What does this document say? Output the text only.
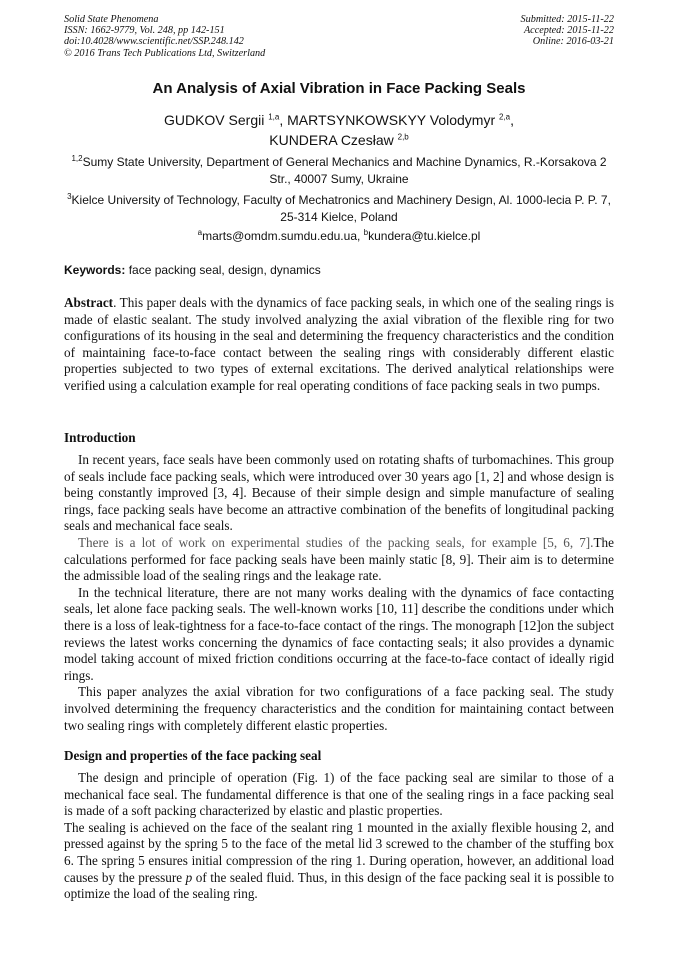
Solid State Phenomena
ISSN: 1662-9779, Vol. 248, pp 142-151
doi:10.4028/www.scientific.net/SSP.248.142
© 2016 Trans Tech Publications Ltd, Switzerland
Submitted: 2015-11-22
Accepted: 2015-11-22
Online: 2016-03-21
An Analysis of Axial Vibration in Face Packing Seals
GUDKOV Sergii $^{1,a}$, MARTSYNKOWSKYY Volodymyr $^{2,a}$,
KUNDERA Czesław $^{2,b}$
$^{1,2}$Sumy State University, Department of General Mechanics and Machine Dynamics, R.-Korsakova 2 Str., 40007 Sumy, Ukraine
$^3$Kielce University of Technology, Faculty of Mechatronics and Machinery Design, Al. 1000-lecia P. P. 7, 25-314 Kielce, Poland
$^a$marts@omdm.sumdu.edu.ua, $^b$kundera@tu.kielce.pl
Keywords: face packing seal, design, dynamics

Abstract. This paper deals with the dynamics of face packing seals, in which one of the sealing rings is made of elastic sealant. The study involved analyzing the axial vibration of the flexible ring for two configurations of its housing in the seal and determining the frequency characteristics and the condition of maintaining face-to-face contact between the sealing rings with considerably different elastic properties subjected to two types of external excitations. The derived analytical relationships were verified using a calculation example for real operating conditions of face packing seals in two pumps.

Introduction

In recent years, face seals have been commonly used on rotating shafts of turbomachines. This group of seals include face packing seals, which were introduced over 30 years ago [1, 2] and whose design is being constantly improved [3, 4]. Because of their simple design and simple manufacture of sealing rings, face packing seals have become an attractive combination of the benefits of longitudinal packing seals and mechanical face seals.

There is a lot of work on experimental studies of the packing seals, for example [5, 6, 7].The calculations performed for face packing seals have been mainly static [8, 9]. Their aim is to determine the admissible load of the sealing rings and the leakage rate.

In the technical literature, there are not many works dealing with the dynamics of face contacting seals, let alone face packing seals. The well-known works [10, 11] describe the conditions under which there is a loss of leak-tightness for a face-to-face contact of the rings. The monograph [12]on the subject reviews the latest works concerning the dynamics of face contacting seals; it also provides a dynamic model taking account of mixed friction conditions occurring at the face-to-face contact of ideally rigid rings.

This paper analyzes the axial vibration for two configurations of a face packing seal. The study involved determining the frequency characteristics and the condition for maintaining contact between two sealing rings with completely different elastic properties.

Design and properties of the face packing seal

The design and principle of operation (Fig. 1) of the face packing seal are similar to those of a mechanical face seal. The fundamental difference is that one of the sealing rings in a face packing seal is made of a soft packing characterized by elastic and plastic properties.

The sealing is achieved on the face of the sealant ring 1 mounted in the axially flexible housing 2, and pressed against by the spring 5 to the face of the metal lid 3 screwed to the chamber of the stuffing box 6. The spring 5 ensures initial compression of the ring 1. During operation, however, an additional load causes by the pressure p of the sealed fluid. Thus, in this design of the face packing seal it is possible to optimize the load of the sealing ring.
